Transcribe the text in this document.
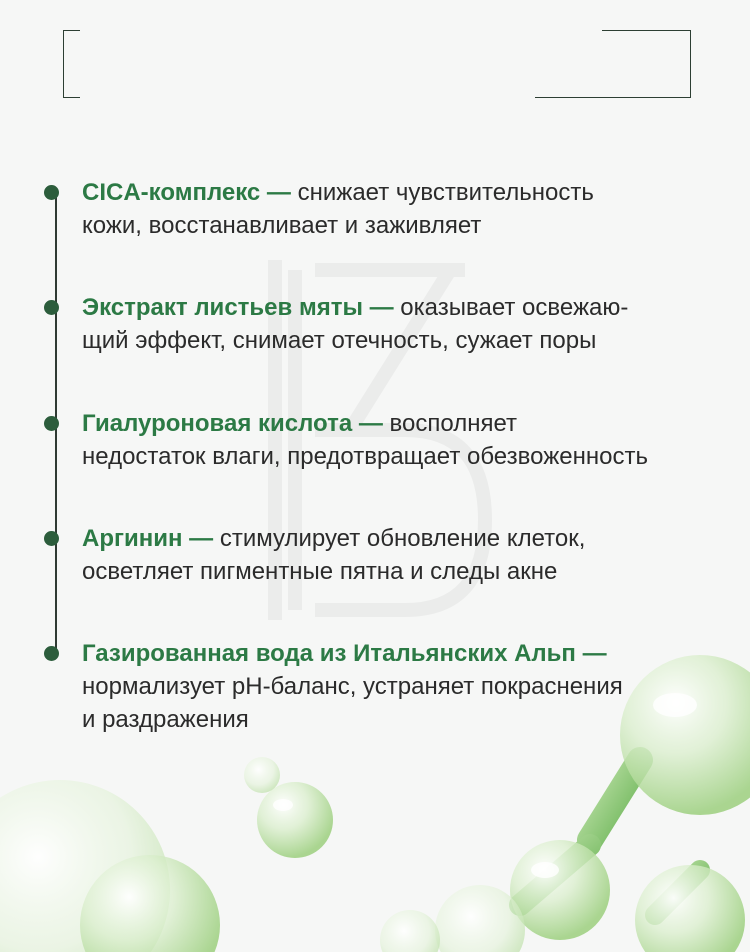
КОМПОНЕНТЫ
И СВОЙСТВА
CICA-комплекс — снижает чувствительность
кожи, восстанавливает и заживляет
Экстракт листьев мяты — оказывает освежаю-
щий эффект, снимает отечность, сужает поры
Гиалуроновая кислота — восполняет
недостаток влаги, предотвращает обезвоженность
Аргинин — стимулирует обновление клеток,
осветляет пигментные пятна и следы акне
Газированная вода из Итальянских Альп —
нормализует pH-баланс, устраняет покраснения
и раздражения
